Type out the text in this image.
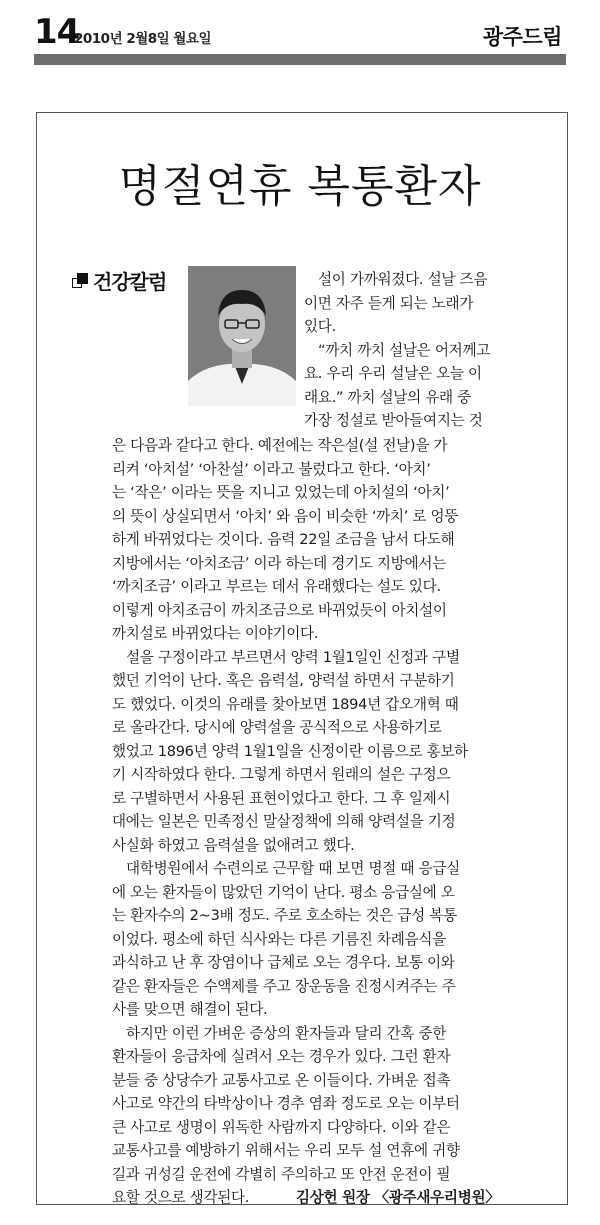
14
2010년 2월8일 월요일	광주드림
명절연휴 복통환자
건강칼럼	설이 가까워졌다. 설날 즈음
이면 자주 듣게 되는 노래가
있다.
“까치 까치 설날은 어저께고
요. 우리 우리 설날은 오늘 이
래요.” 까치 설날의 유래 중
가장 정설로 받아들여지는 것
은 다음과 같다고 한다. 예전에는 작은설(설 전날)을 가
리켜 ‘아치설’ ‘아찬설’ 이라고 불렀다고 한다. ‘아치’
는 ‘작은’ 이라는 뜻을 지니고 있었는데 아치설의 ‘아치’
의 뜻이 상실되면서 ‘아치’ 와 음이 비슷한 ‘까치’ 로 엉뚱
하게 바뀌었다는 것이다. 음력 22일 조금을 남서 다도해
지방에서는 ‘아치조금’ 이라 하는데 경기도 지방에서는
‘까치조금’ 이라고 부르는 데서 유래했다는 설도 있다.
이렇게 아치조금이 까치조금으로 바뀌었듯이 아치설이
까치설로 바뀌었다는 이야기이다.
설을 구정이라고 부르면서 양력 1월1일인 신정과 구별
했던 기억이 난다. 혹은 음력설, 양력설 하면서 구분하기
도 했었다. 이것의 유래를 찾아보면 1894년 갑오개혁 때
로 올라간다. 당시에 양력설을 공식적으로 사용하기로
했었고 1896년 양력 1월1일을 신정이란 이름으로 홍보하
기 시작하였다 한다. 그렇게 하면서 원래의 설은 구정으
로 구별하면서 사용된 표현이었다고 한다. 그 후 일제시
대에는 일본은 민족정신 말살정책에 의해 양력설을 기정
사실화 하였고 음력설을 없애려고 했다.
대학병원에서 수련의로 근무할 때 보면 명절 때 응급실
에 오는 환자들이 많았던 기억이 난다. 평소 응급실에 오
는 환자수의 2~3배 정도. 주로 호소하는 것은 급성 복통
이었다. 평소에 하던 식사와는 다른 기름진 차례음식을
과식하고 난 후 장염이나 급체로 오는 경우다. 보통 이와
같은 환자들은 수액제를 주고 장운동을 진정시켜주는 주
사를 맞으면 해결이 된다.
하지만 이런 가벼운 증상의 환자들과 달리 간혹 중한
환자들이 응급차에 실려서 오는 경우가 있다. 그런 환자
분들 중 상당수가 교통사고로 온 이들이다. 가벼운 접촉
사고로 약간의 타박상이나 경추 염좌 정도로 오는 이부터
큰 사고로 생명이 위독한 사람까지 다양하다. 이와 같은
교통사고를 예방하기 위해서는 우리 모두 설 연휴에 귀향
길과 귀성길 운전에 각별히 주의하고 또 안전 운전이 필
요할 것으로 생각된다.	김상헌 원장 〈광주새우리병원〉
